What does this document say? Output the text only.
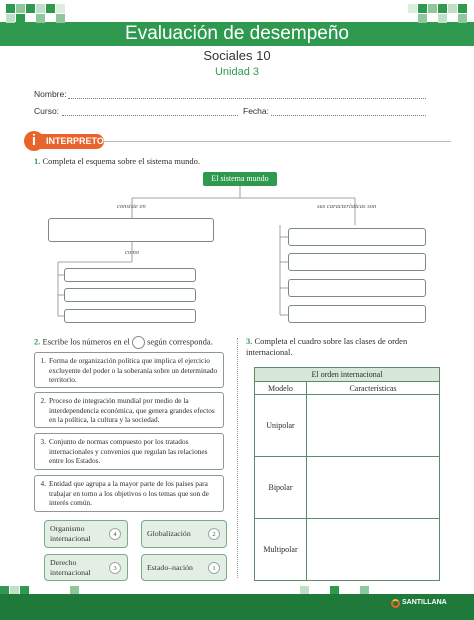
Evaluación de desempeño
Sociales 10
Unidad 3
Nombre:
Curso:	Fecha:
INTERPRETO
i
1. Completa el esquema sobre el sistema mundo.
El sistema mundo
consiste en	sus características son
como
2. Escribe los números en el según corresponda.
1. Forma de organización política que implica el ejercicio excluyente del poder o la soberanía sobre un determinado territorio.
2. Proceso de integración mundial por medio de la interdependencia económica, que genera grandes efectos en la política, la cultura y la sociedad.
3. Conjunto de normas compuesto por los tratados internacionales y convenios que regulan las relaciones entre los Estados.
4. Entidad que agrupa a la mayor parte de los países para trabajar en torno a los objetivos o los temas que son de interés común.
Organismo internacional	4	Globalización	2
Derecho internacional	3	Estado–nación	1
3. Completa el cuadro sobre las clases de orden internacional.
El orden internacional	
Modelo	Características
Unipolar	
Bipolar	
Multipolar	
SANTILLANA
